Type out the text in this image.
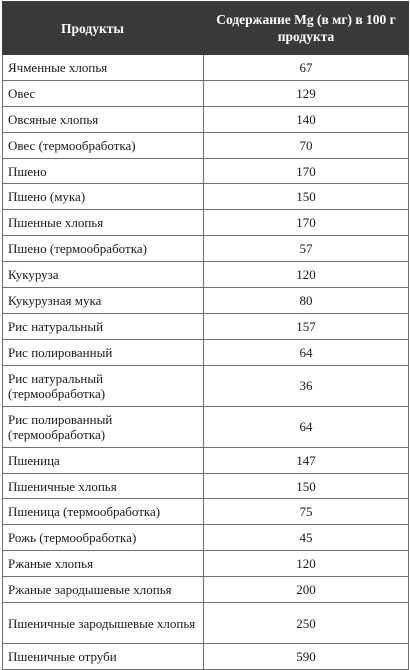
Продукты	Содержание Mg (в мг) в 100 г продукта
Ячменные хлопья	67
Овес	129
Овсяные хлопья	140
Овес (термообработка)	70
Пшено	170
Пшено (мука)	150
Пшенные хлопья	170
Пшено (термообработка)	57
Кукуруза	120
Кукурузная мука	80
Рис натуральный	157
Рис полированный	64
Рис натуральный (термообработка)	36
Рис полированный (термообработка)	64
Пшеница	147
Пшеничные хлопья	150
Пшеница (термообработка)	75
Рожь (термообработка)	45
Ржаные хлопья	120
Ржаные зародышевые хлопья	200
Пшеничные зародышевые хлопья	250
Пшеничные отруби	590
